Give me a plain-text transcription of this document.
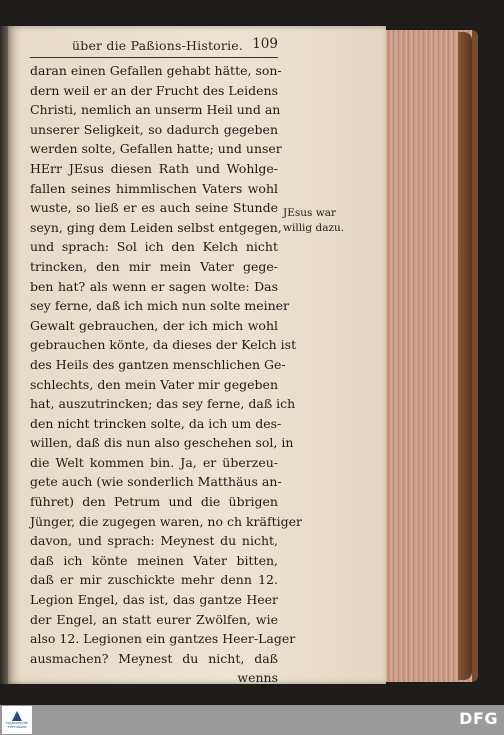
über die Paßions-Historie. 109
daran einen Gefallen gehabt hätte, son-
dern weil er an der Frucht des Leidens
Christi, nemlich an unserm Heil und an
unserer Seligkeit, so dadurch gegeben
werden solte, Gefallen hatte; und unser
HErr JEsus diesen Rath und Wohlge-
fallen seines himmlischen Vaters wohl
wuste, so ließ er es auch seine Stunde
seyn, ging dem Leiden selbst entgegen,
und sprach: Sol ich den Kelch nicht
trincken, den mir mein Vater gege-
ben hat? als wenn er sagen wolte: Das
sey ferne, daß ich mich nun solte meiner
Gewalt gebrauchen, der ich mich wohl
gebrauchen könte, da dieses der Kelch ist
des Heils des gantzen menschlichen Ge-
schlechts, den mein Vater mir gegeben
hat, auszutrincken; das sey ferne, daß ich
den nicht trincken solte, da ich um des-
willen, daß dis nun also geschehen sol, in
die Welt kommen bin. Ja, er überzeu-
gete auch (wie sonderlich Matthäus an-
führet) den Petrum und die übrigen
Jünger, die zugegen waren, no ch kräftiger
davon, und sprach: Meynest du nicht,
daß ich könte meinen Vater bitten,
daß er mir zuschickte mehr denn 12.
Legion Engel, das ist, das gantze Heer
der Engel, an statt eurer Zwölfen, wie
also 12. Legionen ein gantzes Heer-Lager
ausmachen? Meynest du nicht, daß
wenns
JEsus war
willig dazu.
FRANCKESCHE STIFTUNGEN	DFG
